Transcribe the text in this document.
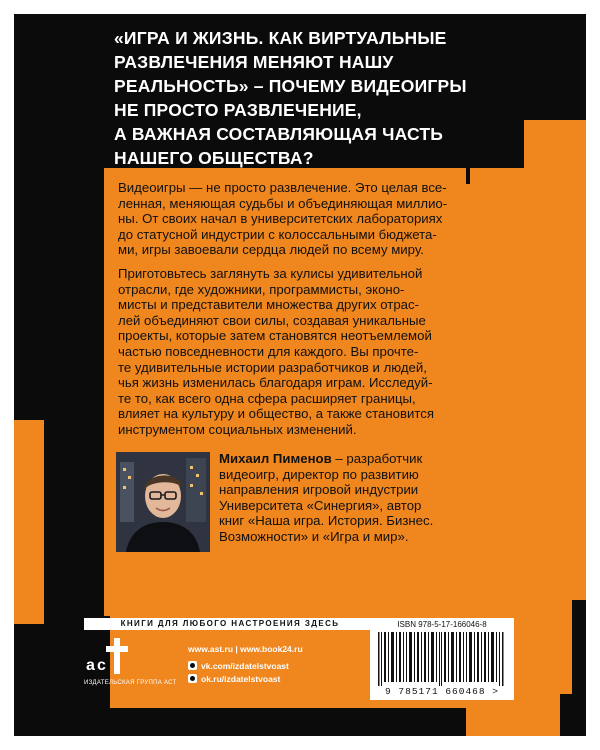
«ИГРА И ЖИЗНЬ. КАК ВИРТУАЛЬНЫЕ
РАЗВЛЕЧЕНИЯ МЕНЯЮТ НАШУ
РЕАЛЬНОСТЬ» – ПОЧЕМУ ВИДЕОИГРЫ
НЕ ПРОСТО РАЗВЛЕЧЕНИЕ,
А ВАЖНАЯ СОСТАВЛЯЮЩАЯ ЧАСТЬ
НАШЕГО ОБЩЕСТВА?

Видеоигры — не просто развлечение. Это целая все-
ленная, меняющая судьбы и объединяющая миллио-
ны. От своих начал в университетских лабораториях
до статусной индустрии с колоссальными бюджета-
ми, игры завоевали сердца людей по всему миру.

Приготовьтесь заглянуть за кулисы удивительной
отрасли, где художники, программисты, эконо-
мисты и представители множества других отрас-
лей объединяют свои силы, создавая уникальные
проекты, которые затем становятся неотъемлемой
частью повседневности для каждого. Вы прочте-
те удивительные истории разработчиков и людей,
чья жизнь изменилась благодаря играм. Исследуй-
те то, как всего одна сфера расширяет границы,
влияет на культуру и общество, а также становится
инструментом социальных изменений.

Михаил Пименов – разработчик
видеоигр, директор по развитию
направления игровой индустрии
Университета «Синергия», автор
книг «Наша игра. История. Бизнес.
Возможности» и «Игра и мир».

КНИГИ ДЛЯ ЛЮБОГО НАСТРОЕНИЯ ЗДЕСЬ
а с
ИЗДАТЕЛЬСКАЯ ГРУППА АСТ
www.ast.ru | www.book24.ru
vk.com/izdatelstvoast
ok.ru/izdatelstvoast
ISBN 978-5-17-166046-8
9 785171 660468 >
